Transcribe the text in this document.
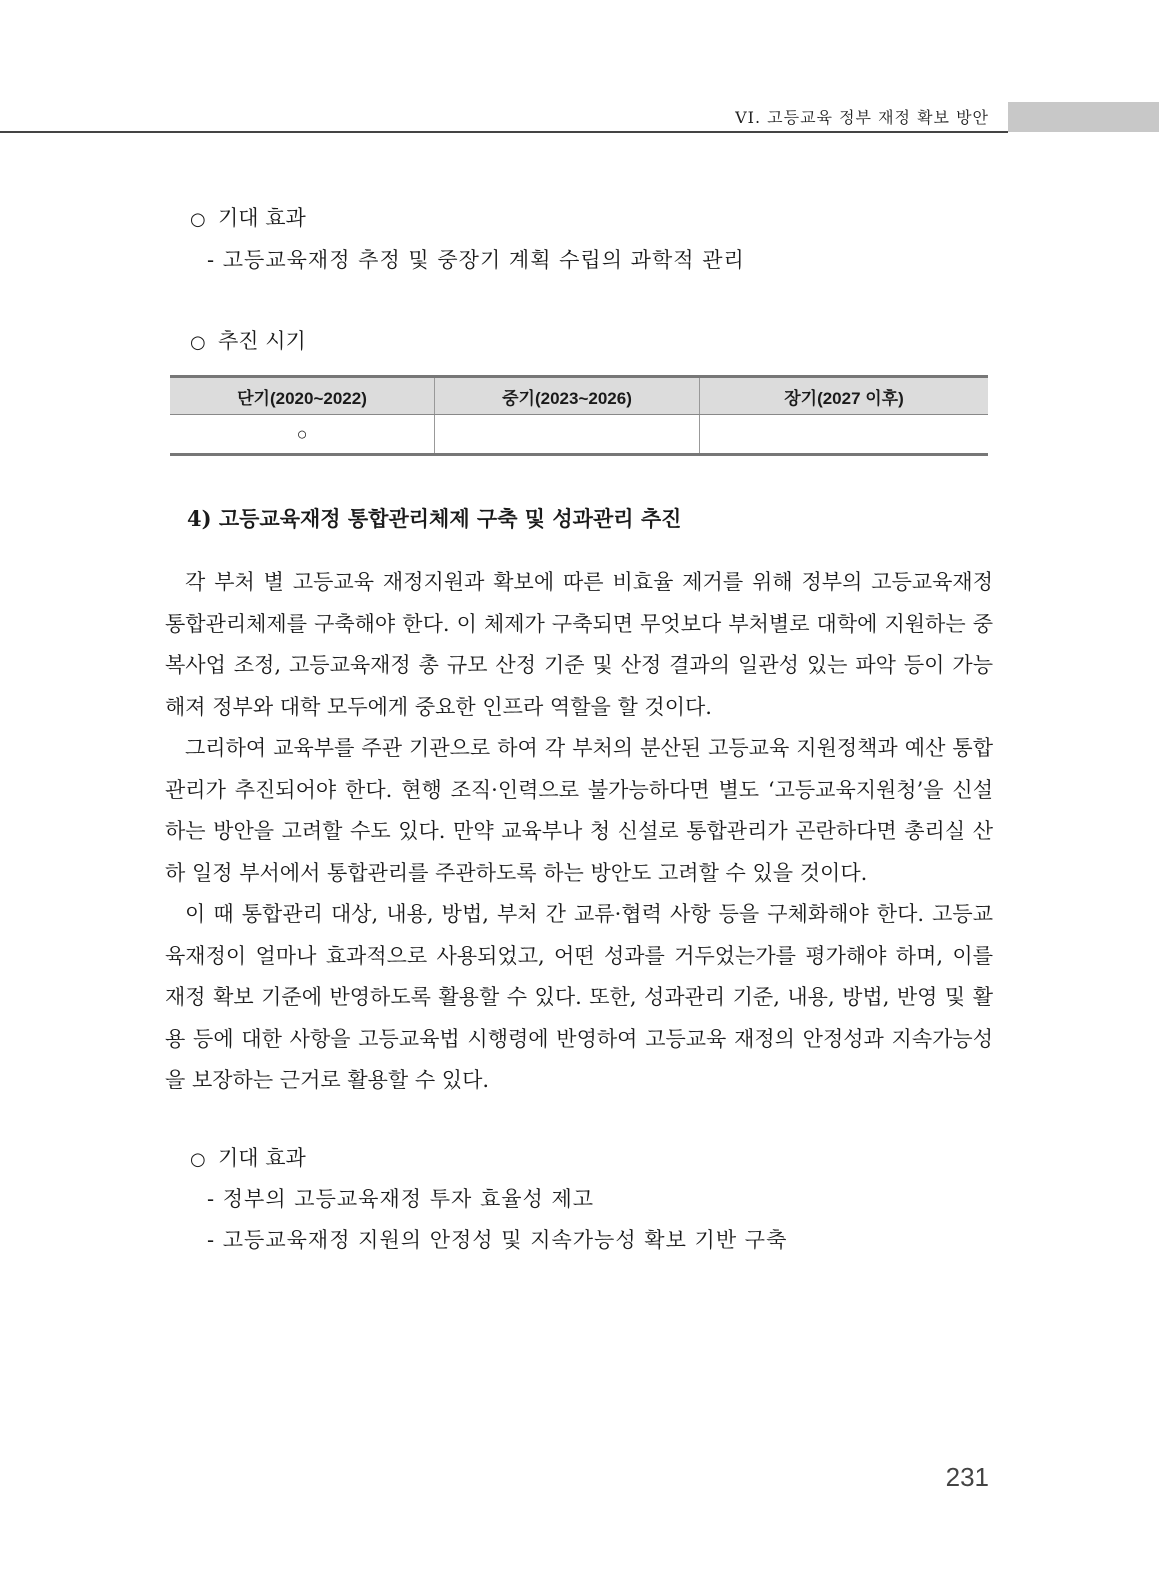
VI. 고등교육 정부 재정 확보 방안
○ 기대 효과
- 고등교육재정 추정 및 중장기 계획 수립의 과학적 관리
○ 추진 시기
단기(2020~2022)	중기(2023~2026)	장기(2027 이후)
○		
4) 고등교육재정 통합관리체제 구축 및 성과관리 추진

각 부처 별 고등교육 재정지원과 확보에 따른 비효율 제거를 위해 정부의 고등교육재정 통합관리체제를 구축해야 한다. 이 체제가 구축되면 무엇보다 부처별로 대학에 지원하는 중복사업 조정, 고등교육재정 총 규모 산정 기준 및 산정 결과의 일관성 있는 파악 등이 가능해져 정부와 대학 모두에게 중요한 인프라 역할을 할 것이다.

그리하여 교육부를 주관 기관으로 하여 각 부처의 분산된 고등교육 지원정책과 예산 통합관리가 추진되어야 한다. 현행 조직·인력으로 불가능하다면 별도 ‘고등교육지원청’을 신설하는 방안을 고려할 수도 있다. 만약 교육부나 청 신설로 통합관리가 곤란하다면 총리실 산하 일정 부서에서 통합관리를 주관하도록 하는 방안도 고려할 수 있을 것이다.

이 때 통합관리 대상, 내용, 방법, 부처 간 교류·협력 사항 등을 구체화해야 한다. 고등교육재정이 얼마나 효과적으로 사용되었고, 어떤 성과를 거두었는가를 평가해야 하며, 이를 재정 확보 기준에 반영하도록 활용할 수 있다. 또한, 성과관리 기준, 내용, 방법, 반영 및 활용 등에 대한 사항을 고등교육법 시행령에 반영하여 고등교육 재정의 안정성과 지속가능성을 보장하는 근거로 활용할 수 있다.

○ 기대 효과
- 정부의 고등교육재정 투자 효율성 제고
- 고등교육재정 지원의 안정성 및 지속가능성 확보 기반 구축
231
